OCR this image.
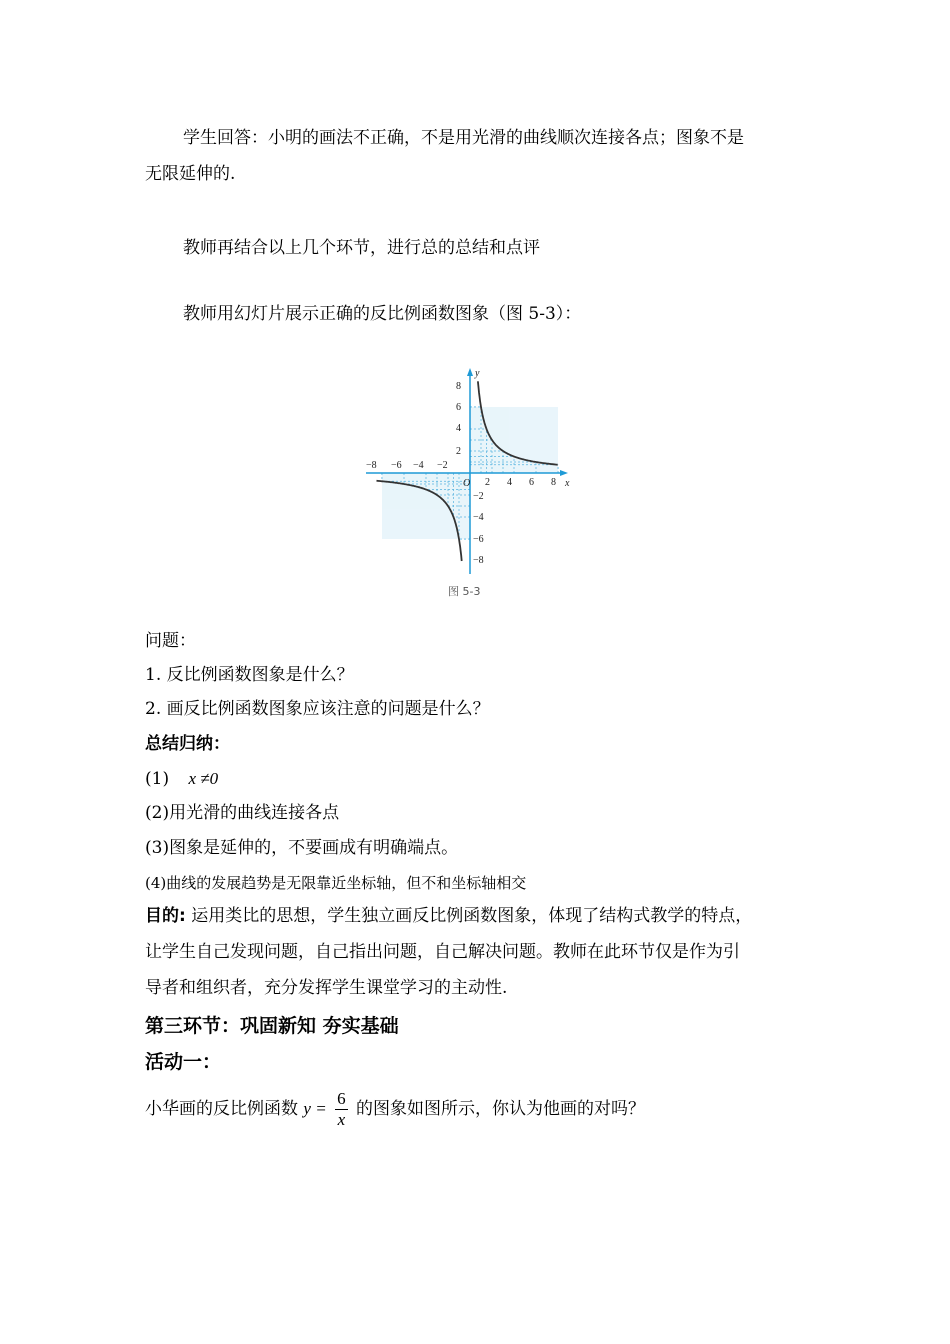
学生回答：小明的画法不正确，不是用光滑的曲线顺次连接各点；图象不是
无限延伸的.
教师再结合以上几个环节，进行总的总结和点评
教师用幻灯片展示正确的反比例函数图象（图 5-3）：
y
x
O
−8 −6 −4 −2
2 4 6 8
8
6
4
2
−2
−4
−6
−8
图 5-3
问题：
1. 反比例函数图象是什么？
2. 画反比例函数图象应该注意的问题是什么？
总结归纳：
(1) x ≠0
(2)用光滑的曲线连接各点
(3)图象是延伸的，不要画成有明确端点。
(4)曲线的发展趋势是无限靠近坐标轴，但不和坐标轴相交
目的: 运用类比的思想，学生独立画反比例函数图象，体现了结构式教学的特点，
让学生自己发现问题，自己指出问题，自己解决问题。教师在此环节仅是作为引
导者和组织者，充分发挥学生课堂学习的主动性.
第三环节：巩固新知 夯实基础
活动一：
小华画的反比例函数 $y = \frac{6}{x}$ 的图象如图所示，你认为他画的对吗？
